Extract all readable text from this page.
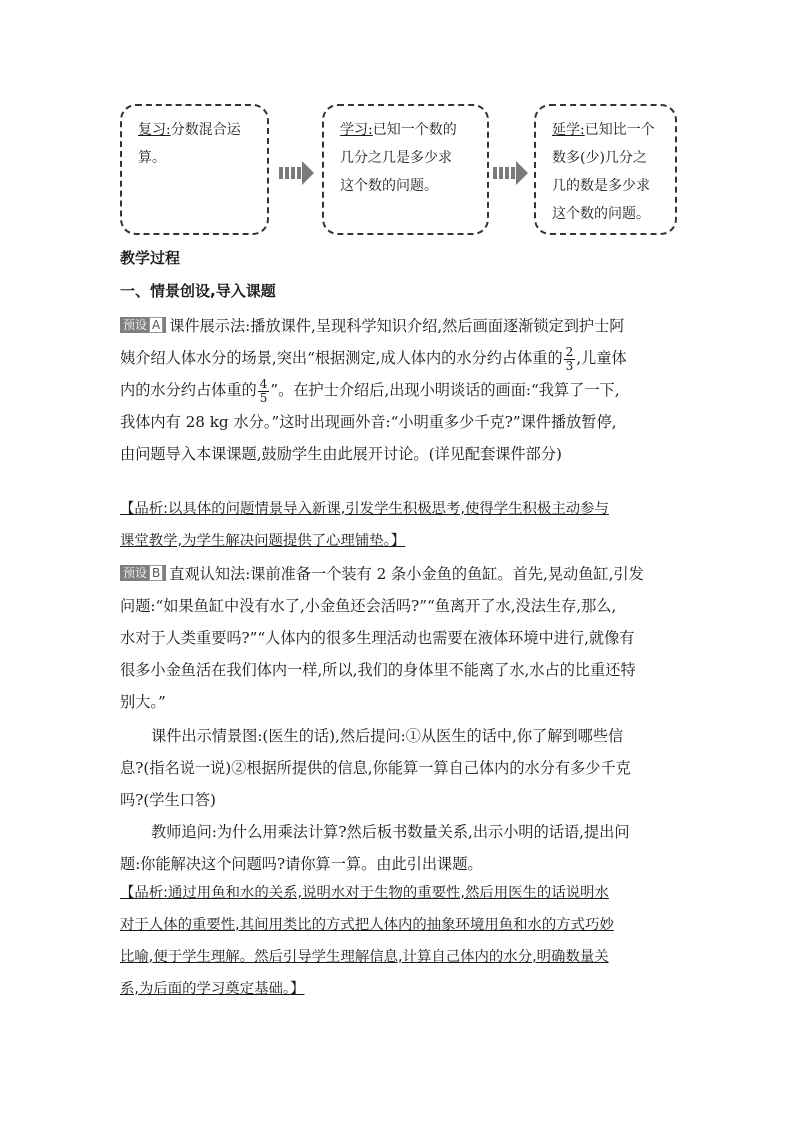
复习:分数混合运
算。
学习:已知一个数的
几分之几是多少求
这个数的问题。
延学:已知比一个
数多(少)几分之
几的数是多少求
这个数的问题。
教学过程
一、情景创设,导入课题
预设 A 课件展示法:播放课件,呈现科学知识介绍,然后画面逐渐锁定到护士阿
姨介绍人体水分的场景,突出“根据测定,成人体内的水分约占体重的 $\frac{2}{3}$ ,儿童体
内的水分约占体重的 $\frac{4}{5}$ ”。在护士介绍后,出现小明谈话的画面:“我算了一下,
我体内有 28 kg 水分。”这时出现画外音:“小明重多少千克?”课件播放暂停,
由问题导入本课课题,鼓励学生由此展开讨论。(详见配套课件部分)
【品析:以具体的问题情景导入新课,引发学生积极思考,使得学生积极主动参与
课堂教学,为学生解决问题提供了心理铺垫。】
预设 B 直观认知法:课前准备一个装有 2 条小金鱼的鱼缸。首先,晃动鱼缸,引发
问题:“如果鱼缸中没有水了,小金鱼还会活吗?”“鱼离开了水,没法生存,那么,
水对于人类重要吗?”“人体内的很多生理活动也需要在液体环境中进行,就像有
很多小金鱼活在我们体内一样,所以,我们的身体里不能离了水,水占的比重还特
别大。”
课件出示情景图:(医生的话),然后提问:①从医生的话中,你了解到哪些信
息?(指名说一说)②根据所提供的信息,你能算一算自己体内的水分有多少千克
吗?(学生口答)
教师追问:为什么用乘法计算?然后板书数量关系,出示小明的话语,提出问
题:你能解决这个问题吗?请你算一算。由此引出课题。
【品析:通过用鱼和水的关系,说明水对于生物的重要性,然后用医生的话说明水
对于人体的重要性,其间用类比的方式把人体内的抽象环境用鱼和水的方式巧妙
比喻,便于学生理解。然后引导学生理解信息,计算自己体内的水分,明确数量关
系,为后面的学习奠定基础。】
